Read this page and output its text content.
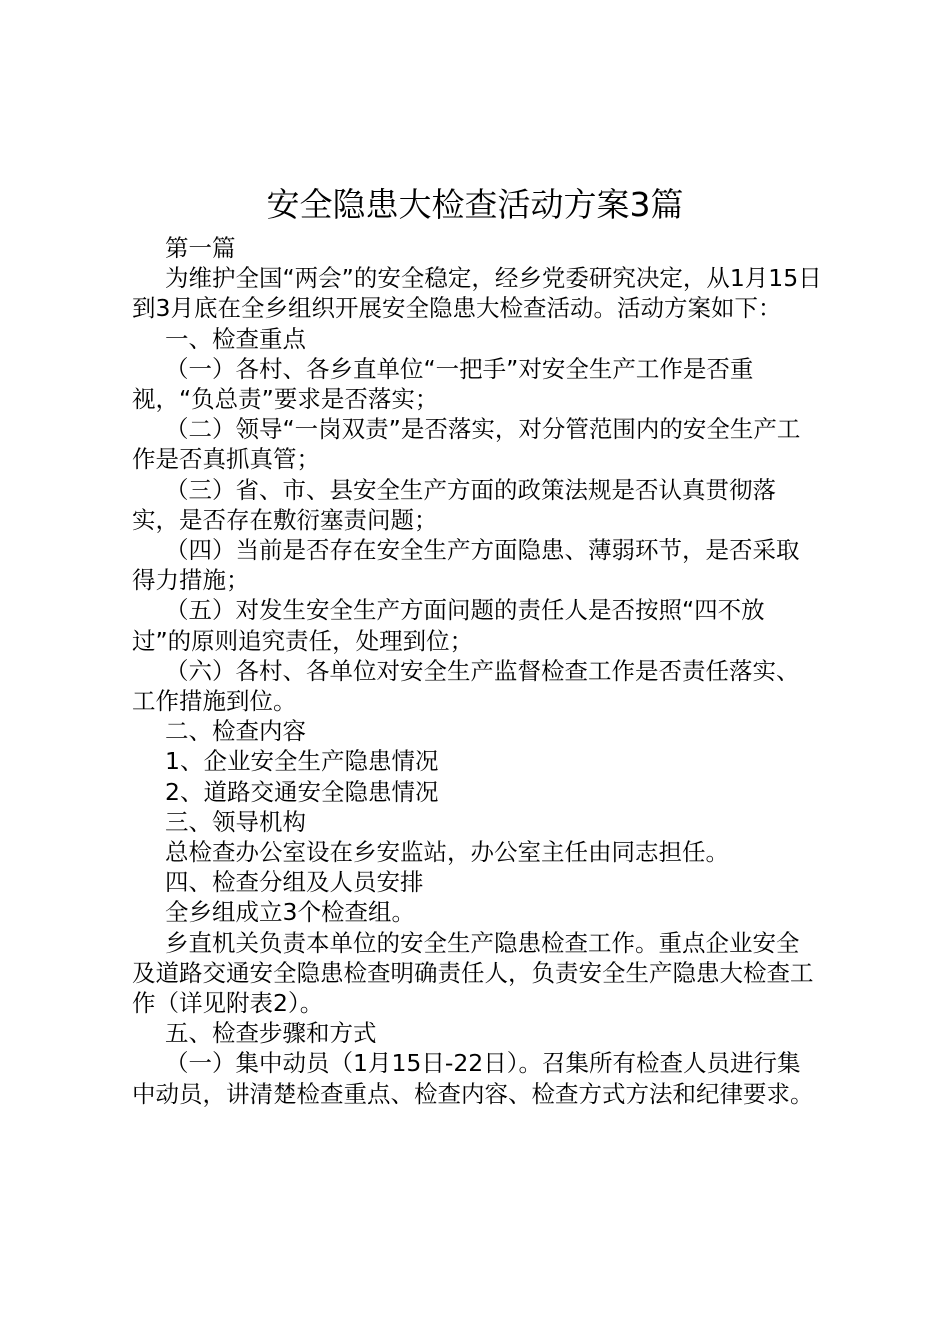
安全隐患大检查活动方案3篇

第一篇

为维护全国“两会”的安全稳定，经乡党委研究决定，从1月15日到3月底在全乡组织开展安全隐患大检查活动。活动方案如下：

一、检查重点

（一）各村、各乡直单位“一把手”对安全生产工作是否重视，“负总责”要求是否落实；

（二）领导“一岗双责”是否落实，对分管范围内的安全生产工作是否真抓真管；

（三）省、市、县安全生产方面的政策法规是否认真贯彻落实，是否存在敷衍塞责问题；

（四）当前是否存在安全生产方面隐患、薄弱环节，是否采取得力措施；

（五）对发生安全生产方面问题的责任人是否按照“四不放过”的原则追究责任，处理到位；

（六）各村、各单位对安全生产监督检查工作是否责任落实、工作措施到位。

二、检查内容

1、企业安全生产隐患情况

2、道路交通安全隐患情况

三、领导机构

总检查办公室设在乡安监站，办公室主任由同志担任。

四、检查分组及人员安排

全乡组成立3个检查组。

乡直机关负责本单位的安全生产隐患检查工作。重点企业安全及道路交通安全隐患检查明确责任人，负责安全生产隐患大检查工作（详见附表2）。

五、检查步骤和方式

（一）集中动员（1月15日-22日）。召集所有检查人员进行集中动员，讲清楚检查重点、检查内容、检查方式方法和纪律要求。
